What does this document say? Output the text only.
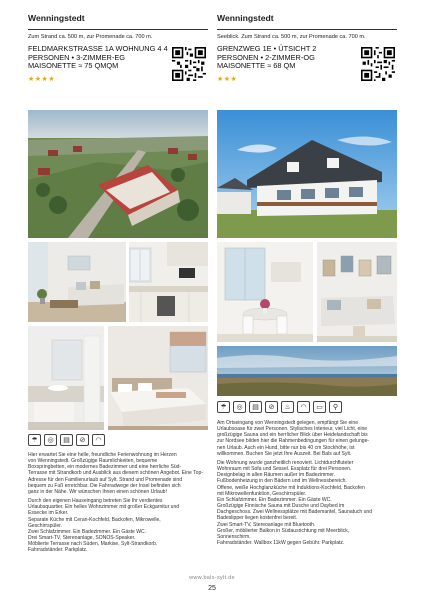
Wenningstedt
Zum Strand ca. 500 m, zur Promenade ca. 700 m.
FELDMARKSTRASSE 1A WOHNUNG 4 4 PERSONEN • 3-ZIMMER-EG MAISONETTE ≈ 75 QMQM
★★★★
Wenningstedt
Seeblick. Zum Strand ca. 500 m, zur Promenade ca. 700 m.
GRENZWEG 1E • ÜTSICHT 2 PERSONEN • 2-ZIMMER-OG MAISONETTE ≈ 68 QM
★★★
☂	◎	▤	⊘	◠
☂	◎	▤	⊘	♨	◠	▭	⚲

Hier erwartet Sie eine helle, freundliche Ferienwohnung im Herzen
von Wenningstedt. Großzügige Raumlichkeiten, bequeme
Boxspringbetten, ein modernes Badezimmer und eine herrliche Süd-
Terrasse mit Strandkorb und Ausblick aus diesem schönen Angebot. Eine Top-
Adresse für den Familienurlaub auf Sylt. Strand und Promenade sind
bequem zu Fuß erreichbar. Die Fahrradwege der Insel befinden sich
ganz in der Nähe. Wir wünschen Ihnen einen schönen Urlaub!

Durch den eigenen Hauseingang betreten Sie Ihr verdientes
Urlaubsquartier. Ein helles Wohnzimmer mit großer Eckgarnitur und
Essecke im Erker.
Separate Küche mit Ceran-Kochfeld, Backofen, Mikrowelle,
Geschirrspüler.
Zwei Schlafzimmer. Ein Badezimmer. Ein Gäste WC.
Drei Smart-TV, Stereoanlage, SONOS-Speaker.
Möblierte Terrasse nach Süden, Markise, Sylt-Strandkorb.
Fahrradständer. Parkplatz.

Am Ortseingang von Wenningstedt gelegen, empfängt Sie eine
Urlaubsoase für zwei Personen. Stylisches Interieur, viel Licht, eine
großzügige Sauna und ein herrlicher Blick über Heidelandschaft bis
zur Nordsee bilden hier die Rahmenbedingungen für einen gelunge-
nen Urlaub. Auch ein Hund, bitte nur bis 40 cm Stockhöhe, ist
willkommen. Buchen Sie jetzt Ihre Auszeit. Bei Bals auf Sylt.

Die Wohnung wurde ganzheitlich renoviert. Lichtdurchfluteter
Wohnraum mit Sofa und Sessel. Essplatz für drei Personen.
Designbelag in allen Räumen außer im Badezimmer.
Fußbodenheizung in den Bädern und im Wellnessbereich.
Offene, weiße Hochglanzküche mit Induktions-Kochfeld, Backofen
mit Mikrowellenfunktion, Geschirrspüler.
Ein Schlafzimmer. Ein Badezimmer. Ein Gäste WC.
Großzügige Finnische Sauna mit Dusche und Daybed im
Dachgeschoss. Zwei Wellnessplätze mit Bademantel, Saunatuch und
Badeslipper liegen kostenfrei bereit.
Zwei Smart-TV, Stereoanlage mit Bluetooth.
Großer, möblierter Balkon in Südausrichtung mit Meerblick,
Sonnenschirm.
Fahrradständer. Wallbox 11kW gegen Gebühr. Parkplatz.

www.bals-sylt.de
25
